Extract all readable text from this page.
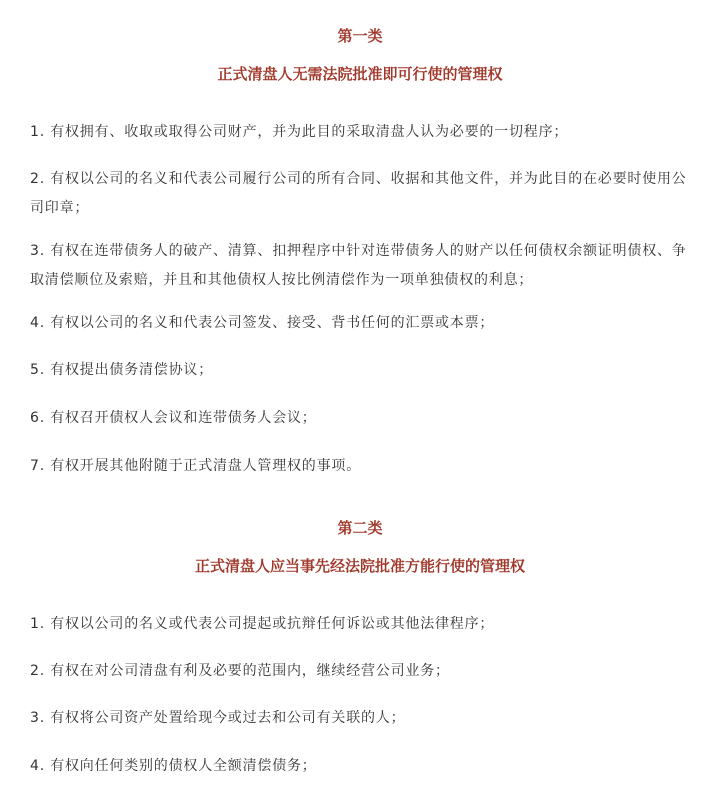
第一类
正式清盘人无需法院批准即可行使的管理权
1. 有权拥有、收取或取得公司财产，并为此目的采取清盘人认为必要的一切程序；
2. 有权以公司的名义和代表公司履行公司的所有合同、收据和其他文件，并为此目的在必要时使用公司印章；
3. 有权在连带债务人的破产、清算、扣押程序中针对连带债务人的财产以任何债权余额证明债权、争取清偿顺位及索赔，并且和其他债权人按比例清偿作为一项单独债权的利息；
4. 有权以公司的名义和代表公司签发、接受、背书任何的汇票或本票；
5. 有权提出债务清偿协议；
6. 有权召开债权人会议和连带债务人会议；
7. 有权开展其他附随于正式清盘人管理权的事项。
第二类
正式清盘人应当事先经法院批准方能行使的管理权
1. 有权以公司的名义或代表公司提起或抗辩任何诉讼或其他法律程序；
2. 有权在对公司清盘有利及必要的范围内，继续经营公司业务；
3. 有权将公司资产处置给现今或过去和公司有关联的人；
4. 有权向任何类别的债权人全额清偿债务；
